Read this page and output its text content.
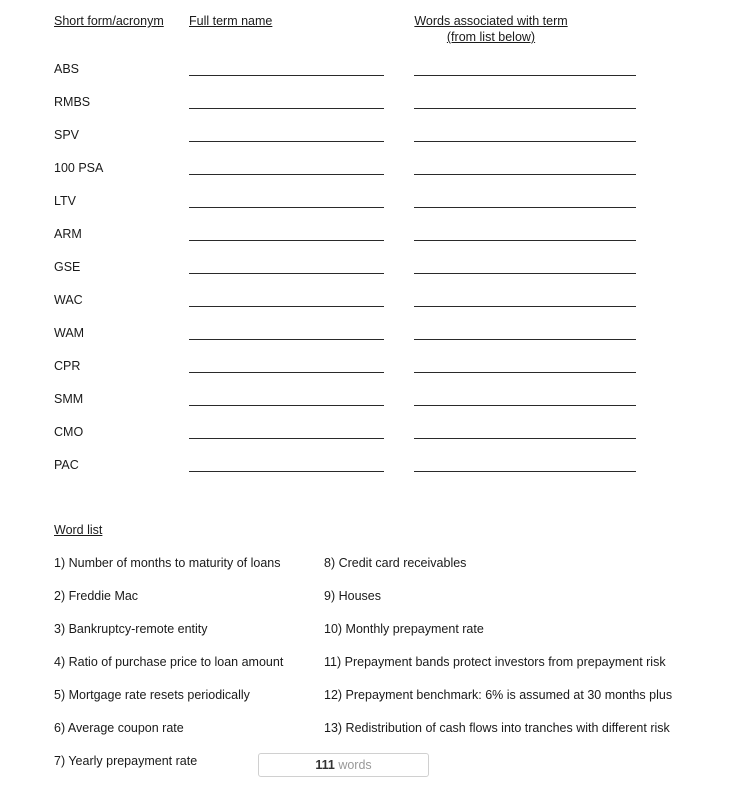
Short form/acronym Full term name	Words associated with term
(from list below)
ABS
RMBS
SPV
100 PSA
LTV
ARM
GSE
WAC
WAM
CPR
SMM
CMO
PAC
Word list
1) Number of months to maturity of loans
2) Freddie Mac
3) Bankruptcy-remote entity
4) Ratio of purchase price to loan amount
5) Mortgage rate resets periodically
6) Average coupon rate
7) Yearly prepayment rate
8) Credit card receivables
9) Houses
10) Monthly prepayment rate
11) Prepayment bands protect investors from prepayment risk
12) Prepayment benchmark: 6% is assumed at 30 months plus
13) Redistribution of cash flows into tranches with different risk
111 words
